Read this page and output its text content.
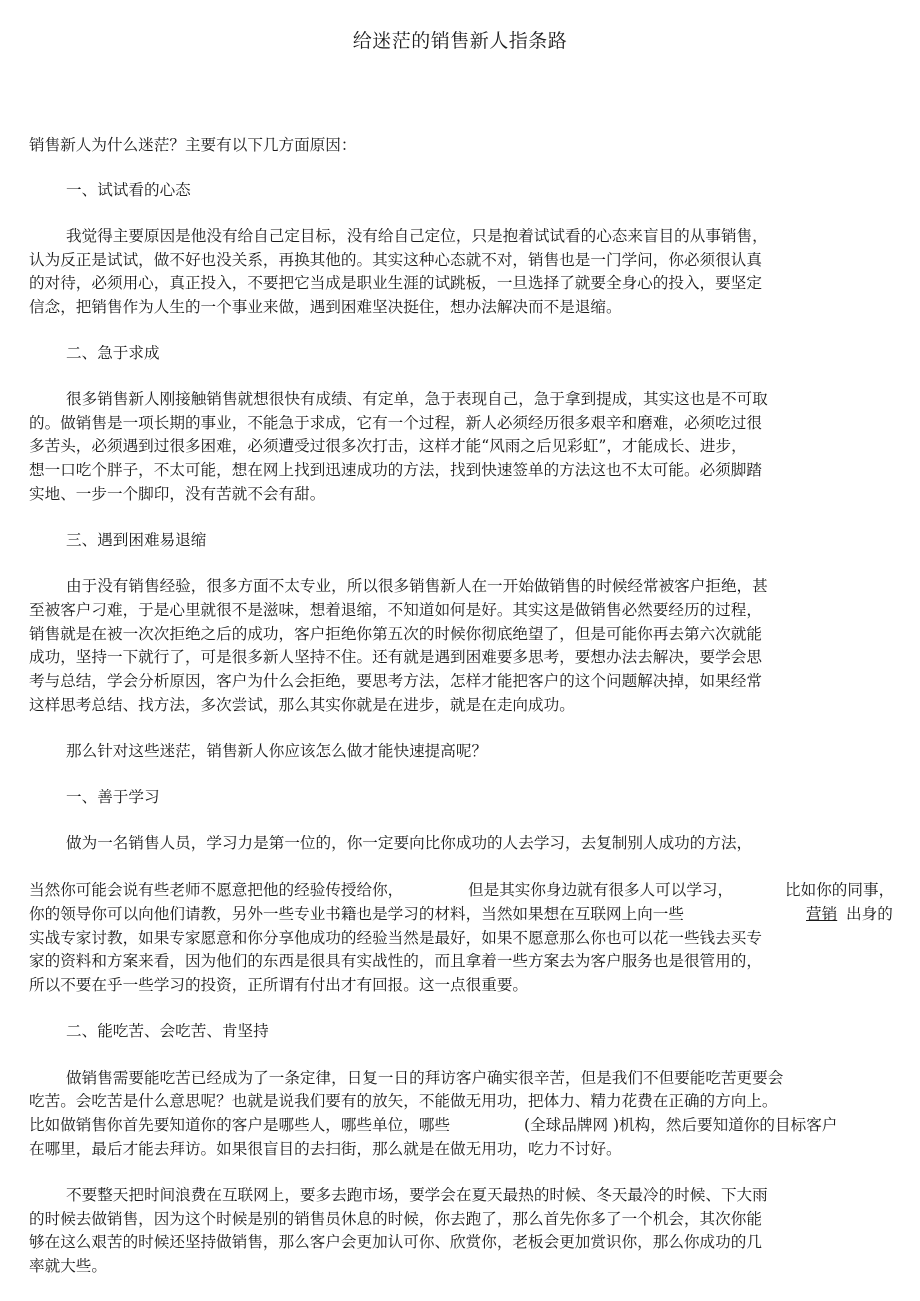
给迷茫的销售新人指条路
销售新人为什么迷茫？主要有以下几方面原因：
一、试试看的心态
我觉得主要原因是他没有给自己定目标，没有给自己定位，只是抱着试试看的心态来盲目的从事销售，
认为反正是试试，做不好也没关系，再换其他的。其实这种心态就不对，销售也是一门学问，你必须很认真
的对待，必须用心，真正投入，不要把它当成是职业生涯的试跳板，一旦选择了就要全身心的投入，要坚定
信念，把销售作为人生的一个事业来做，遇到困难坚决挺住，想办法解决而不是退缩。
二、急于求成
很多销售新人刚接触销售就想很快有成绩、有定单，急于表现自己，急于拿到提成，其实这也是不可取
的。做销售是一项长期的事业，不能急于求成，它有一个过程，新人必须经历很多艰辛和磨难，必须吃过很
多苦头，必须遇到过很多困难，必须遭受过很多次打击，这样才能“风雨之后见彩虹”，才能成长、进步，
想一口吃个胖子，不太可能，想在网上找到迅速成功的方法，找到快速签单的方法这也不太可能。必须脚踏
实地、一步一个脚印，没有苦就不会有甜。
三、遇到困难易退缩
由于没有销售经验，很多方面不太专业，所以很多销售新人在一开始做销售的时候经常被客户拒绝，甚
至被客户刁难，于是心里就很不是滋味，想着退缩，不知道如何是好。其实这是做销售必然要经历的过程，
销售就是在被一次次拒绝之后的成功，客户拒绝你第五次的时候你彻底绝望了，但是可能你再去第六次就能
成功，坚持一下就行了，可是很多新人坚持不住。还有就是遇到困难要多思考，要想办法去解决，要学会思
考与总结，学会分析原因，客户为什么会拒绝，要思考方法，怎样才能把客户的这个问题解决掉，如果经常
这样思考总结、找方法，多次尝试，那么其实你就是在进步，就是在走向成功。
那么针对这些迷茫，销售新人你应该怎么做才能快速提高呢？
一、善于学习
做为一名销售人员，学习力是第一位的，你一定要向比你成功的人去学习，去复制别人成功的方法，
当然你可能会说有些老师不愿意把他的经验传授给你，	但是其实你身边就有很多人可以学习，	比如你的同事，
你的领导你可以向他们请教，另外一些专业书籍也是学习的材料，当然如果想在互联网上向一些	营销 出身的
实战专家讨教，如果专家愿意和你分享他成功的经验当然是最好，如果不愿意那么你也可以花一些钱去买专
家的资料和方案来看，因为他们的东西是很具有实战性的，而且拿着一些方案去为客户服务也是很管用的，
所以不要在乎一些学习的投资，正所谓有付出才有回报。这一点很重要。
二、能吃苦、会吃苦、肯坚持
做销售需要能吃苦已经成为了一条定律，日复一日的拜访客户确实很辛苦，但是我们不但要能吃苦更要会
吃苦。会吃苦是什么意思呢？也就是说我们要有的放矢，不能做无用功，把体力、精力花费在正确的方向上。
比如做销售你首先要知道你的客户是哪些人，哪些单位，哪些	(全球品牌网 )机构，然后要知道你的目标客户
在哪里，最后才能去拜访。如果很盲目的去扫街，那么就是在做无用功，吃力不讨好。
不要整天把时间浪费在互联网上，要多去跑市场，要学会在夏天最热的时候、冬天最冷的时候、下大雨
的时候去做销售，因为这个时候是别的销售员休息的时候，你去跑了，那么首先你多了一个机会，其次你能
够在这么艰苦的时候还坚持做销售，那么客户会更加认可你、欣赏你，老板会更加赏识你，那么你成功的几
率就大些。
